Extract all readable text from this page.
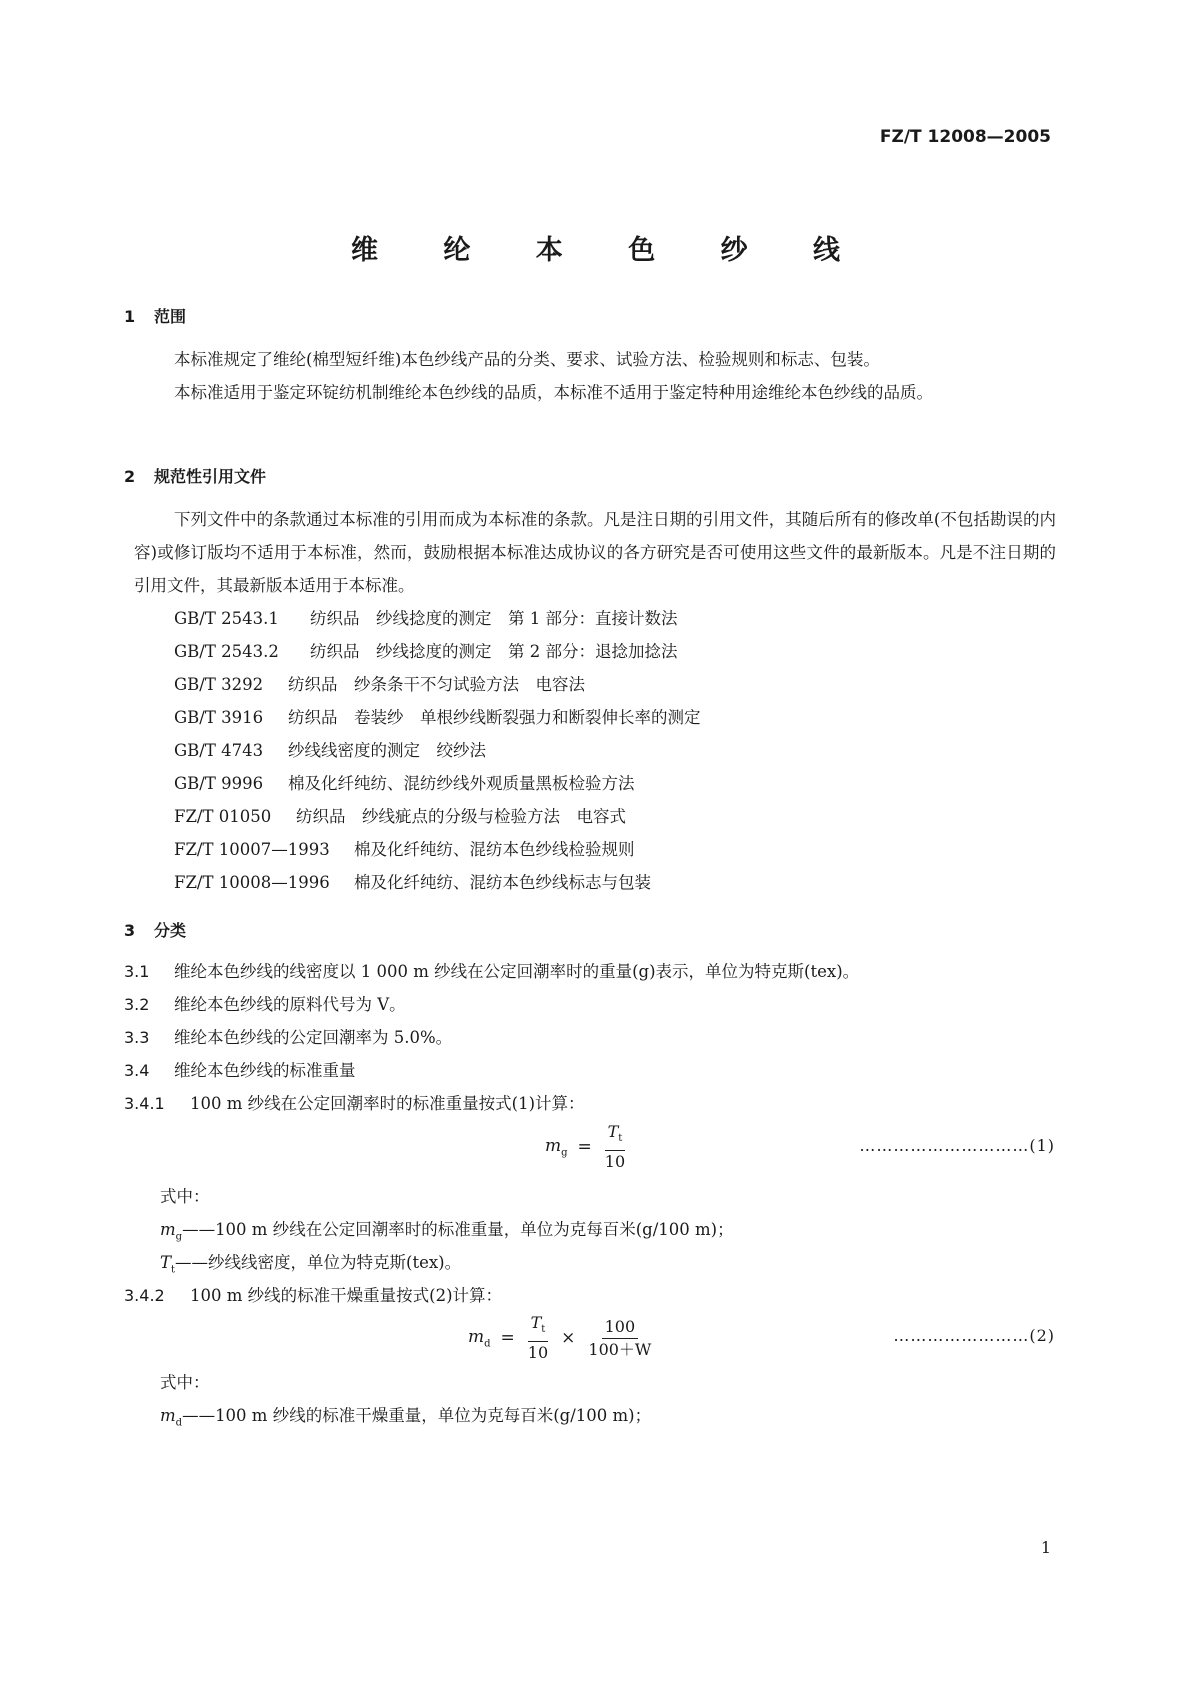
FZ/T 12008—2005
维 纶 本 色 纱 线
1 范围
本标准规定了维纶(棉型短纤维)本色纱线产品的分类、要求、试验方法、检验规则和标志、包装。
本标准适用于鉴定环锭纺机制维纶本色纱线的品质，本标准不适用于鉴定特种用途维纶本色纱线的品质。
2 规范性引用文件
下列文件中的条款通过本标准的引用而成为本标准的条款。凡是注日期的引用文件，其随后所有的修改单(不包括勘误的内容)或修订版均不适用于本标准，然而，鼓励根据本标准达成协议的各方研究是否可使用这些文件的最新版本。凡是不注日期的引用文件，其最新版本适用于本标准。
GB/T 2543.1 纺织品　纱线捻度的测定　第 1 部分：直接计数法
GB/T 2543.2 纺织品　纱线捻度的测定　第 2 部分：退捻加捻法
GB/T 3292 纺织品　纱条条干不匀试验方法　电容法
GB/T 3916 纺织品　卷装纱　单根纱线断裂强力和断裂伸长率的测定
GB/T 4743 纱线线密度的测定　绞纱法
GB/T 9996 棉及化纤纯纺、混纺纱线外观质量黑板检验方法
FZ/T 01050 纺织品　纱线疵点的分级与检验方法　电容式
FZ/T 10007—1993 棉及化纤纯纺、混纺本色纱线检验规则
FZ/T 10008—1996 棉及化纤纯纺、混纺本色纱线标志与包装
3 分类
3.1 维纶本色纱线的线密度以 1 000 m 纱线在公定回潮率时的重量(g)表示，单位为特克斯(tex)。
3.2 维纶本色纱线的原料代号为 V。
3.3 维纶本色纱线的公定回潮率为 5.0%。
3.4 维纶本色纱线的标准重量
3.4.1 100 m 纱线在公定回潮率时的标准重量按式(1)计算：
$m_g = \frac{T_t}{10}$	…………………………(1)
式中：
$m_g——100$ m 纱线在公定回潮率时的标准重量，单位为克每百米(g/100 m)；
$T_t——$纱线线密度，单位为特克斯(tex)。
3.4.2 100 m 纱线的标准干燥重量按式(2)计算：
$m_d = \frac{T_t}{10} \times \frac{100}{100+W}$	……………………(2)
式中：
$m_d——100$ m 纱线的标准干燥重量，单位为克每百米(g/100 m)；
1
